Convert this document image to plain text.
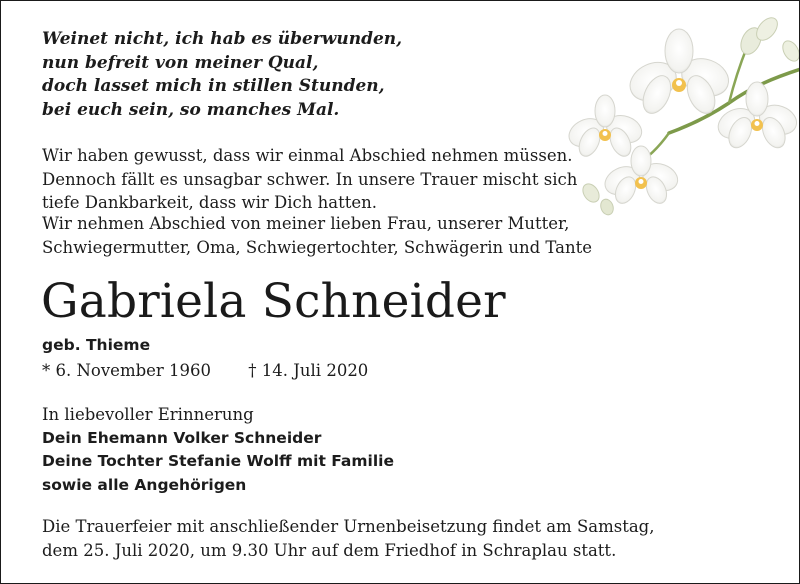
Weinet nicht, ich hab es überwunden,
nun befreit von meiner Qual,
doch lasset mich in stillen Stunden,
bei euch sein, so manches Mal.
Wir haben gewusst, dass wir einmal Abschied nehmen müssen.
Dennoch fällt es unsagbar schwer. In unsere Trauer mischt sich
tiefe Dankbarkeit, dass wir Dich hatten.
Wir nehmen Abschied von meiner lieben Frau, unserer Mutter,
Schwiegermutter, Oma, Schwiegertochter, Schwägerin und Tante
Gabriela Schneider
geb. Thieme
* 6. November 1960 † 14. Juli 2020
In liebevoller Erinnerung
Dein Ehemann Volker Schneider
Deine Tochter Stefanie Wolff mit Familie
sowie alle Angehörigen
Die Trauerfeier mit anschließender Urnenbeisetzung findet am Samstag,
dem 25. Juli 2020, um 9.30 Uhr auf dem Friedhof in Schraplau statt.
